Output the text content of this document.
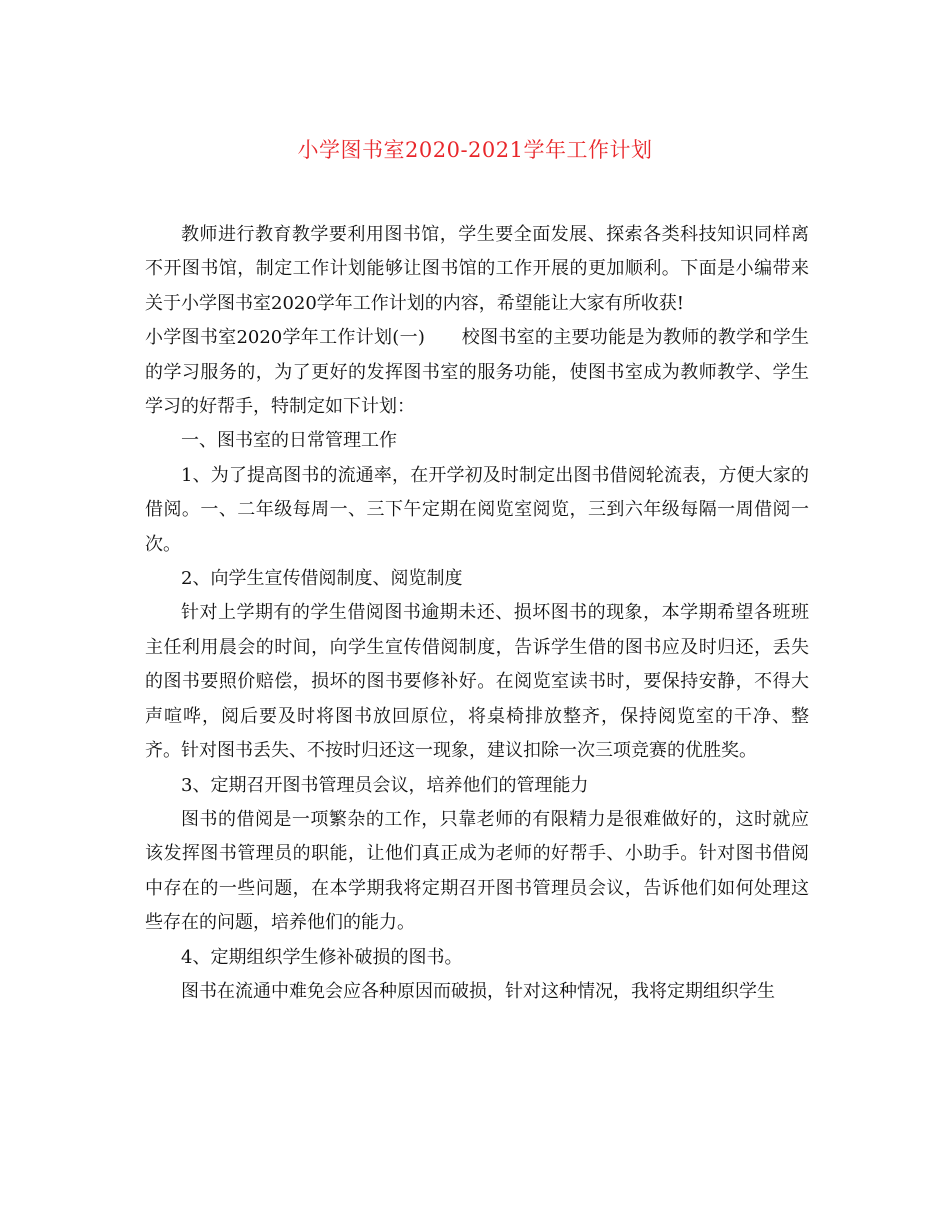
小学图书室2020-2021学年工作计划

教师进行教育教学要利用图书馆，学生要全面发展、探索各类科技知识同样离不开图书馆，制定工作计划能够让图书馆的工作开展的更加顺利。下面是小编带来关于小学图书室2020学年工作计划的内容，希望能让大家有所收获!

小学图书室2020学年工作计划(一)　　校图书室的主要功能是为教师的教学和学生的学习服务的，为了更好的发挥图书室的服务功能，使图书室成为教师教学、学生学习的好帮手，特制定如下计划：

一、图书室的日常管理工作

1、为了提高图书的流通率，在开学初及时制定出图书借阅轮流表，方便大家的借阅。一、二年级每周一、三下午定期在阅览室阅览，三到六年级每隔一周借阅一次。

2、向学生宣传借阅制度、阅览制度

针对上学期有的学生借阅图书逾期未还、损坏图书的现象，本学期希望各班班主任利用晨会的时间，向学生宣传借阅制度，告诉学生借的图书应及时归还，丢失的图书要照价赔偿，损坏的图书要修补好。在阅览室读书时，要保持安静，不得大声喧哗，阅后要及时将图书放回原位，将桌椅排放整齐，保持阅览室的干净、整齐。针对图书丢失、不按时归还这一现象，建议扣除一次三项竞赛的优胜奖。

3、定期召开图书管理员会议，培养他们的管理能力

图书的借阅是一项繁杂的工作，只靠老师的有限精力是很难做好的，这时就应该发挥图书管理员的职能，让他们真正成为老师的好帮手、小助手。针对图书借阅中存在的一些问题，在本学期我将定期召开图书管理员会议，告诉他们如何处理这些存在的问题，培养他们的能力。

4、定期组织学生修补破损的图书。

图书在流通中难免会应各种原因而破损，针对这种情况，我将定期组织学生
